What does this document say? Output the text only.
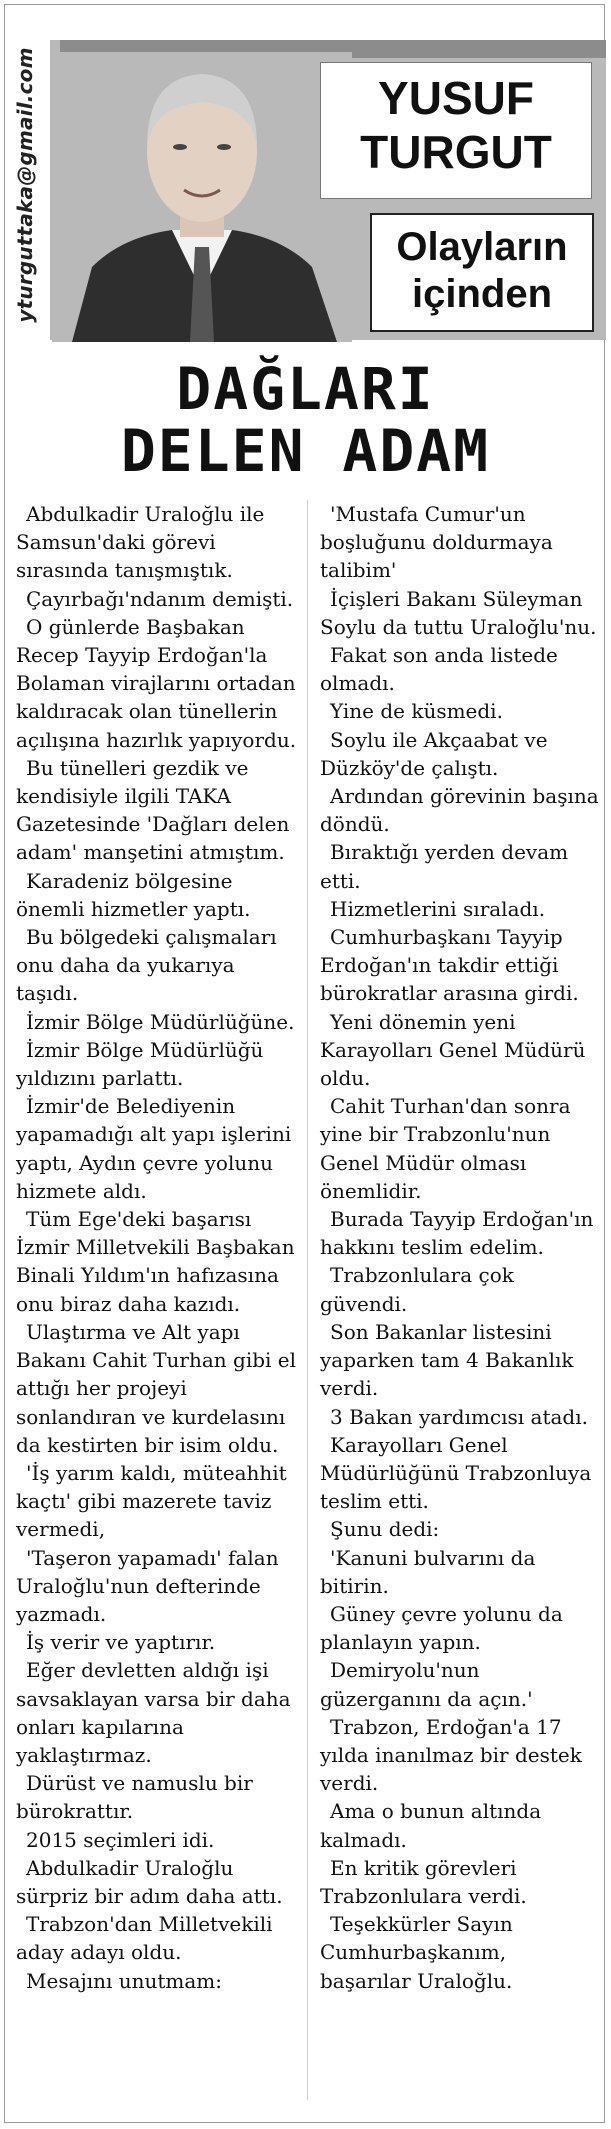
yturguttaka@gmail.com	YUSUF
TURGUT
Olayların
içinden
DAĞLARI
DELEN ADAM

Abdulkadir Uraloğlu ile Samsun'daki görevi sırasında tanışmıştık.

Çayırbağı'ndanım demişti.

O günlerde Başbakan Recep Tayyip Erdoğan'la Bolaman virajlarını ortadan kaldıracak olan tünellerin açılışına hazırlık yapıyordu.

Bu tünelleri gezdik ve kendisiyle ilgili TAKA Gazetesinde 'Dağları delen adam' manşetini atmıştım.

Karadeniz bölgesine önemli hizmetler yaptı.

Bu bölgedeki çalışmaları onu daha da yukarıya taşıdı.

İzmir Bölge Müdürlüğüne.

İzmir Bölge Müdürlüğü yıldızını parlattı.

İzmir'de Belediyenin yapamadığı alt yapı işlerini yaptı, Aydın çevre yolunu hizmete aldı.

Tüm Ege'deki başarısı İzmir Milletvekili Başbakan Binali Yıldım'ın hafızasına onu biraz daha kazıdı.

Ulaştırma ve Alt yapı Bakanı Cahit Turhan gibi el attığı her projeyi sonlandıran ve kurdelasını da kestirten bir isim oldu.

'İş yarım kaldı, müteahhit kaçtı' gibi mazerete taviz vermedi,

'Taşeron yapamadı' falan Uraloğlu'nun defterinde yazmadı.

İş verir ve yaptırır.

Eğer devletten aldığı işi savsaklayan varsa bir daha onları kapılarına yaklaştırmaz.

Dürüst ve namuslu bir bürokrattır.

2015 seçimleri idi.

Abdulkadir Uraloğlu sürpriz bir adım daha attı.

Trabzon'dan Milletvekili aday adayı oldu.

Mesajını unutmam:

'Mustafa Cumur'un boşluğunu doldurmaya talibim'

İçişleri Bakanı Süleyman Soylu da tuttu Uraloğlu'nu.

Fakat son anda listede olmadı.

Yine de küsmedi.

Soylu ile Akçaabat ve Düzköy'de çalıştı.

Ardından görevinin başına döndü.

Bıraktığı yerden devam etti.

Hizmetlerini sıraladı.

Cumhurbaşkanı Tayyip Erdoğan'ın takdir ettiği bürokratlar arasına girdi.

Yeni dönemin yeni Karayolları Genel Müdürü oldu.

Cahit Turhan'dan sonra yine bir Trabzonlu'nun Genel Müdür olması önemlidir.

Burada Tayyip Erdoğan'ın hakkını teslim edelim.

Trabzonlulara çok güvendi.

Son Bakanlar listesini yaparken tam 4 Bakanlık verdi.

3 Bakan yardımcısı atadı.

Karayolları Genel Müdürlüğünü Trabzonluya teslim etti.

Şunu dedi:

'Kanuni bulvarını da bitirin.

Güney çevre yolunu da planlayın yapın.

Demiryolu'nun güzerganını da açın.'

Trabzon, Erdoğan'a 17 yılda inanılmaz bir destek verdi.

Ama o bunun altında kalmadı.

En kritik görevleri Trabzonlulara verdi.

Teşekkürler Sayın Cumhurbaşkanım, başarılar Uraloğlu.
